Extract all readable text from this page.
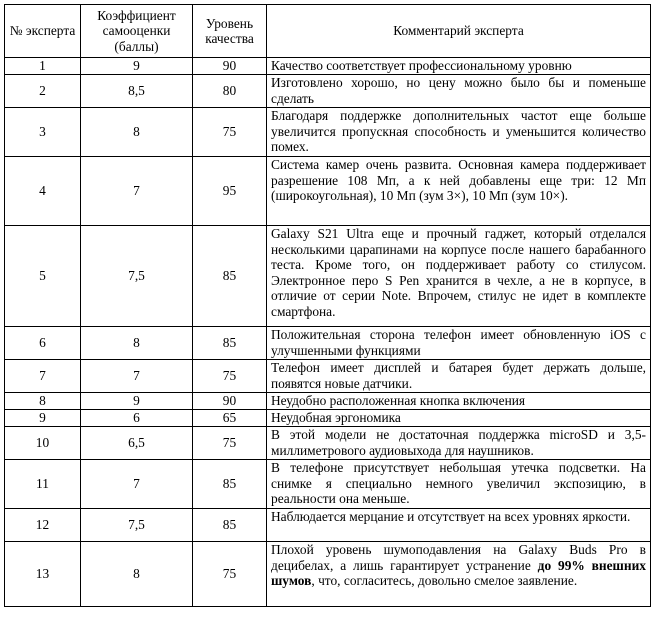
№ эксперта	Коэффициент самооценки (баллы)	Уровень качества	Комментарий эксперта
1	9	90	Качество соответствует профессиональному уровню
2	8,5	80	Изготовлено хорошо, но цену можно было бы и поменьше сделать
3	8	75	Благодаря поддержке дополнительных частот еще больше увеличится пропускная способность и уменьшится количество помех.
4	7	95	Система камер очень развита. Основная камера поддерживает разрешение 108 Мп, а к ней добавлены еще три: 12 Мп (широкоугольная), 10 Мп (зум 3×), 10 Мп (зум 10×).
5	7,5	85	Galaxy S21 Ultra еще и прочный гаджет, который отделался несколькими царапинами на корпусе после нашего барабанного теста. Кроме того, он поддерживает работу со стилусом. Электронное перо S Pen хранится в чехле, а не в корпусе, в отличие от серии Note. Впрочем, стилус не идет в комплекте смартфона.
6	8	85	Положительная сторона телефон имеет обновленную iOS с улучшенными функциями
7	7	75	Телефон имеет дисплей и батарея будет держать дольше, появятся новые датчики.
8	9	90	Неудобно расположенная кнопка включения
9	6	65	Неудобная эргономика
10	6,5	75	В этой модели не достаточная поддержка microSD и 3,5-миллиметрового аудиовыхода для наушников.
11	7	85	В телефоне присутствует небольшая утечка подсветки. На снимке я специально немного увеличил экспозицию, в реальности она меньше.
12	7,5	85	Наблюдается мерцание и отсутствует на всех уровнях яркости.
13	8	75	Плохой уровень шумоподавления на Galaxy Buds Pro в децибелах, а лишь гарантирует устранение до 99% внешних шумов, что, согласитесь, довольно смелое заявление.
